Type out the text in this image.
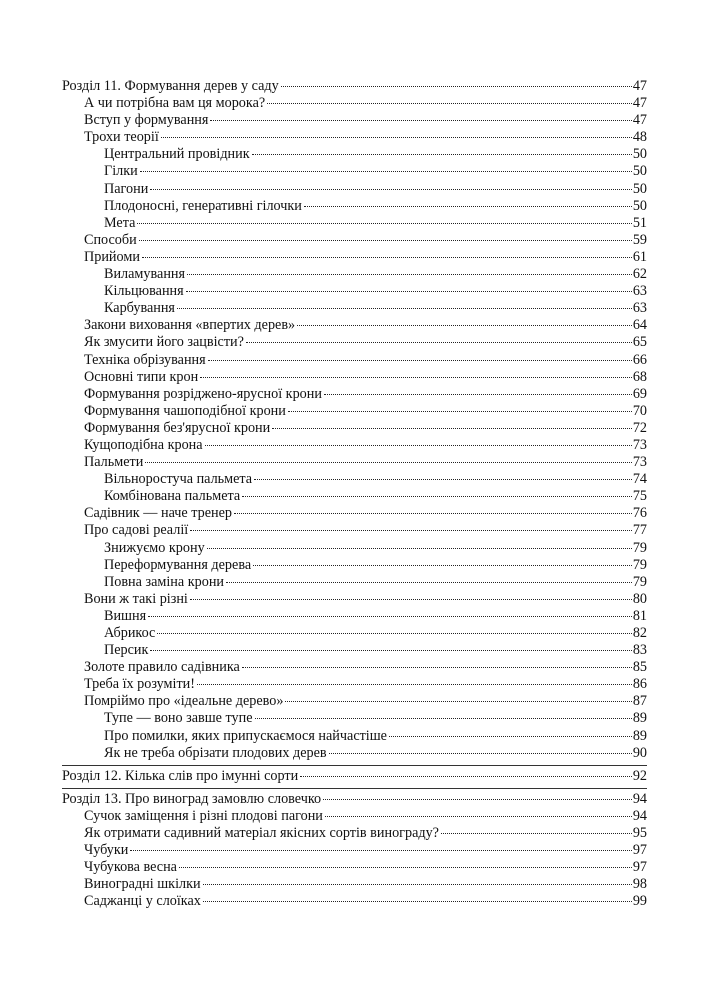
Розділ 11. Формування дерев у саду	47
А чи потрібна вам ця морока?	47
Вступ у формування	47
Трохи теорії	48
Центральний провідник	50
Гілки	50
Пагони	50
Плодоносні, генеративні гілочки	50
Мета	51
Способи	59
Прийоми	61
Виламування	62
Кільцювання	63
Карбування	63
Закони виховання «впертих дерев»	64
Як змусити його зацвісти?	65
Техніка обрізування	66
Основні типи крон	68
Формування розріджено-ярусної крони	69
Формування чашоподібної крони	70
Формування без'ярусної крони	72
Кущоподібна крона	73
Пальмети	73
Вільноростуча пальмета	74
Комбінована пальмета	75
Садівник — наче тренер	76
Про садові реалії	77
Знижуємо крону	79
Переформування дерева	79
Повна заміна крони	79
Вони ж такі різні	80
Вишня	81
Абрикос	82
Персик	83
Золоте правило садівника	85
Треба їх розуміти!	86
Помріймо про «ідеальне дерево»	87
Тупе — воно завше тупе	89
Про помилки, яких припускаємося найчастіше	89
Як не треба обрізати плодових дерев	90
Розділ 12. Кілька слів про імунні сорти	92
Розділ 13. Про виноград замовлю словечко	94
Сучок заміщення і різні плодові пагони	94
Як отримати садивний матеріал якісних сортів винограду?	95
Чубуки	97
Чубукова весна	97
Виноградні шкілки	98
Саджанці у слоїках	99
